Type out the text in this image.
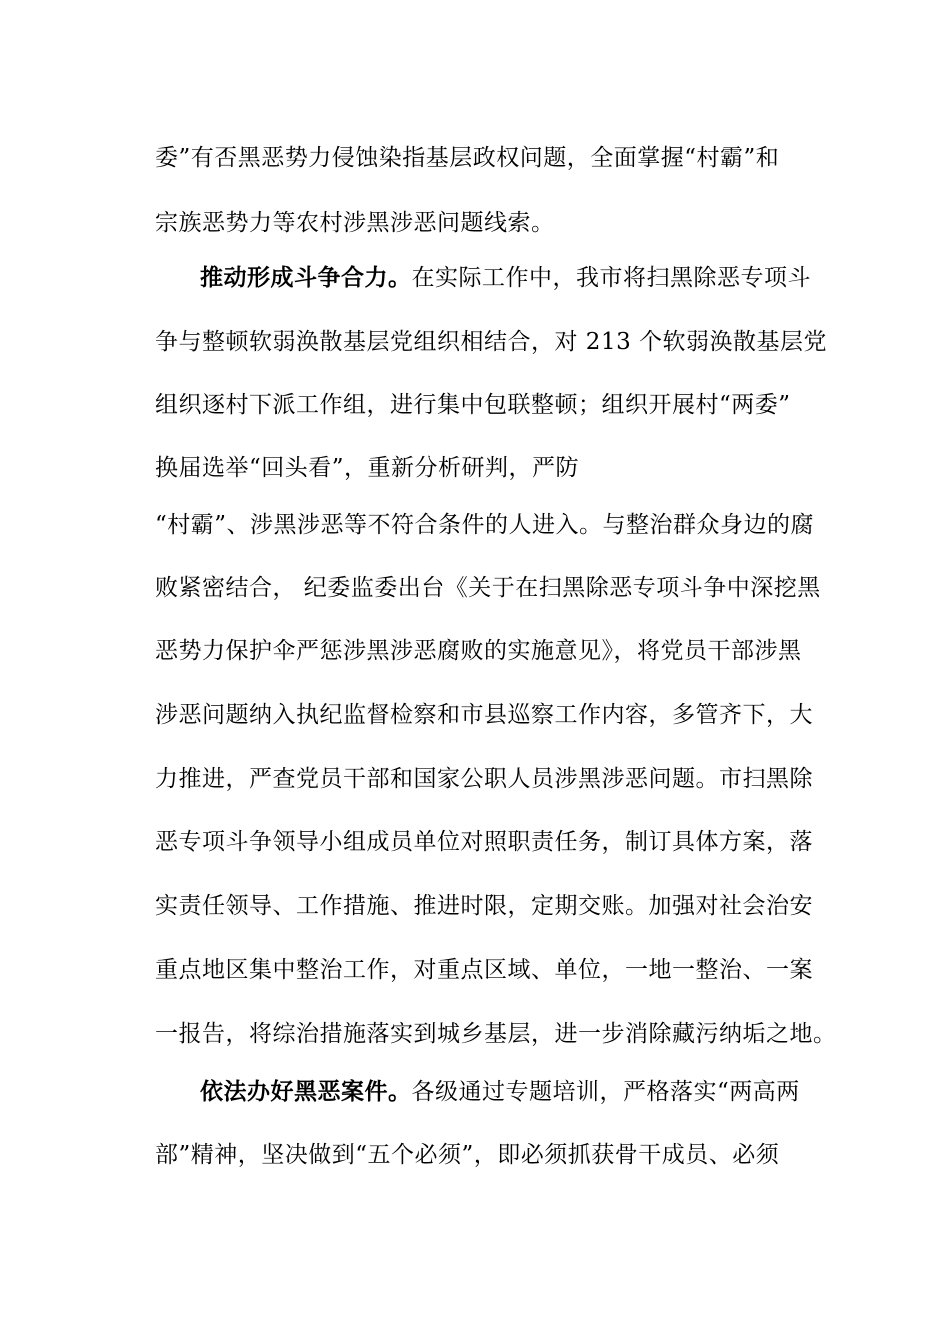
委”有否黑恶势力侵蚀染指基层政权问题，全面掌握“村霸”和
宗族恶势力等农村涉黑涉恶问题线索。
推动形成斗争合力。在实际工作中，我市将扫黑除恶专项斗
争与整顿软弱涣散基层党组织相结合，对 213 个软弱涣散基层党
组织逐村下派工作组，进行集中包联整顿；组织开展村“两委”
换届选举“回头看”，重新分析研判，严防
“村霸”、涉黑涉恶等不符合条件的人进入。与整治群众身边的腐
败紧密结合， 纪委监委出台《关于在扫黑除恶专项斗争中深挖黑
恶势力保护伞严惩涉黑涉恶腐败的实施意见》，将党员干部涉黑
涉恶问题纳入执纪监督检察和市县巡察工作内容，多管齐下，大
力推进，严查党员干部和国家公职人员涉黑涉恶问题。市扫黑除
恶专项斗争领导小组成员单位对照职责任务，制订具体方案，落
实责任领导、工作措施、推进时限，定期交账。加强对社会治安
重点地区集中整治工作，对重点区域、单位，一地一整治、一案
一报告，将综治措施落实到城乡基层，进一步消除藏污纳垢之地。
依法办好黑恶案件。各级通过专题培训，严格落实“两高两
部”精神，坚决做到“五个必须”，即必须抓获骨干成员、必须
